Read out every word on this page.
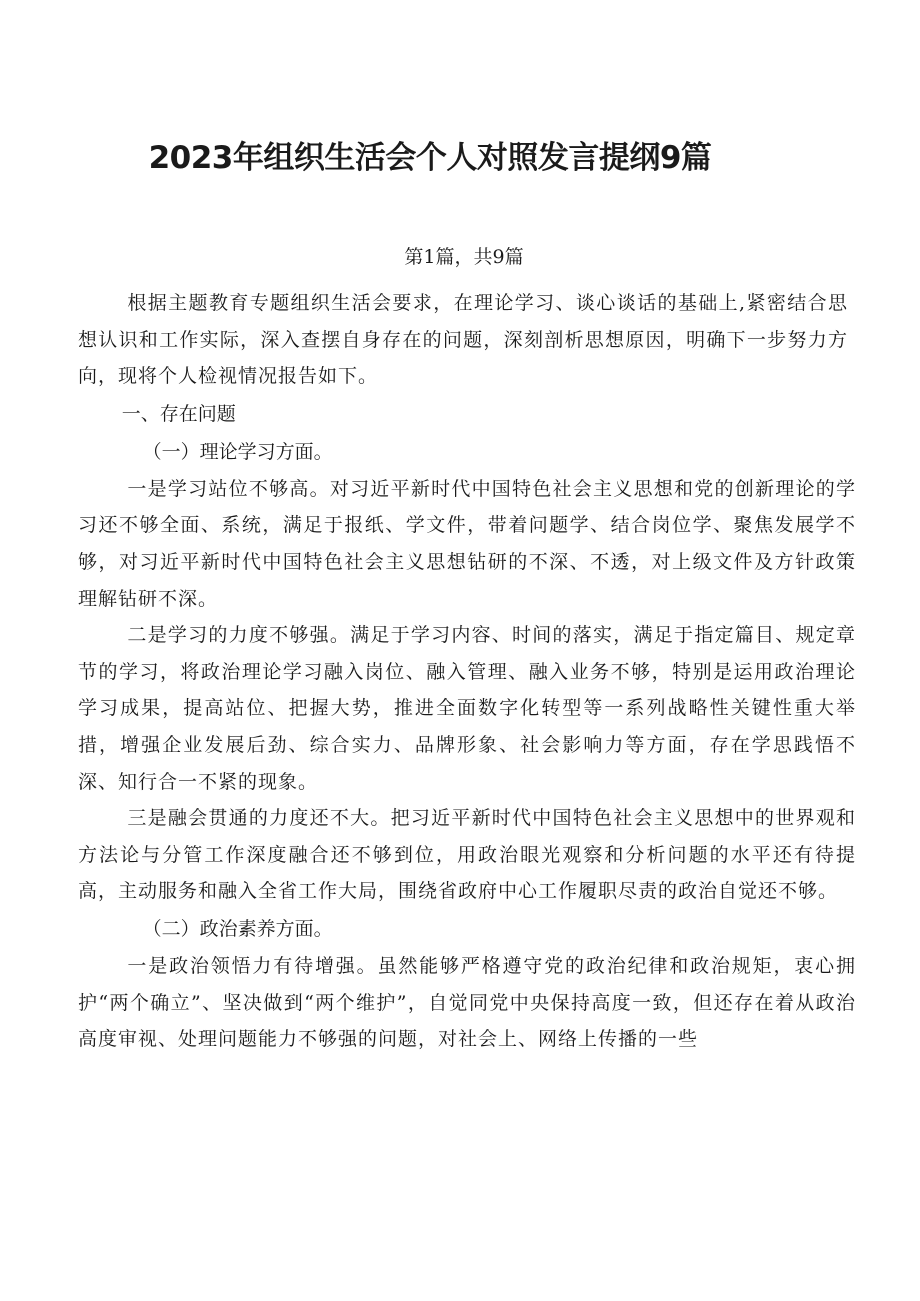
2023年组织生活会个人对照发言提纲9篇

第1篇，共9篇

根据主题教育专题组织生活会要求，在理论学习、谈心谈话的基础上,紧密结合思想认识和工作实际，深入查摆自身存在的问题，深刻剖析思想原因，明确下一步努力方向，现将个人检视情况报告如下。

一、存在问题

（一）理论学习方面。

一是学习站位不够高。对习近平新时代中国特色社会主义思想和党的创新理论的学习还不够全面、系统，满足于报纸、学文件，带着问题学、结合岗位学、聚焦发展学不够，对习近平新时代中国特色社会主义思想钻研的不深、不透，对上级文件及方针政策理解钻研不深。

二是学习的力度不够强。满足于学习内容、时间的落实，满足于指定篇目、规定章节的学习，将政治理论学习融入岗位、融入管理、融入业务不够，特别是运用政治理论学习成果，提高站位、把握大势，推进全面数字化转型等一系列战略性关键性重大举措，增强企业发展后劲、综合实力、品牌形象、社会影响力等方面，存在学思践悟不深、知行合一不紧的现象。

三是融会贯通的力度还不大。把习近平新时代中国特色社会主义思想中的世界观和方法论与分管工作深度融合还不够到位，用政治眼光观察和分析问题的水平还有待提高，主动服务和融入全省工作大局，围绕省政府中心工作履职尽责的政治自觉还不够。

（二）政治素养方面。

一是政治领悟力有待增强。虽然能够严格遵守党的政治纪律和政治规矩，衷心拥护“两个确立”、坚决做到“两个维护”，自觉同党中央保持高度一致，但还存在着从政治高度审视、处理问题能力不够强的问题，对社会上、网络上传播的一些
